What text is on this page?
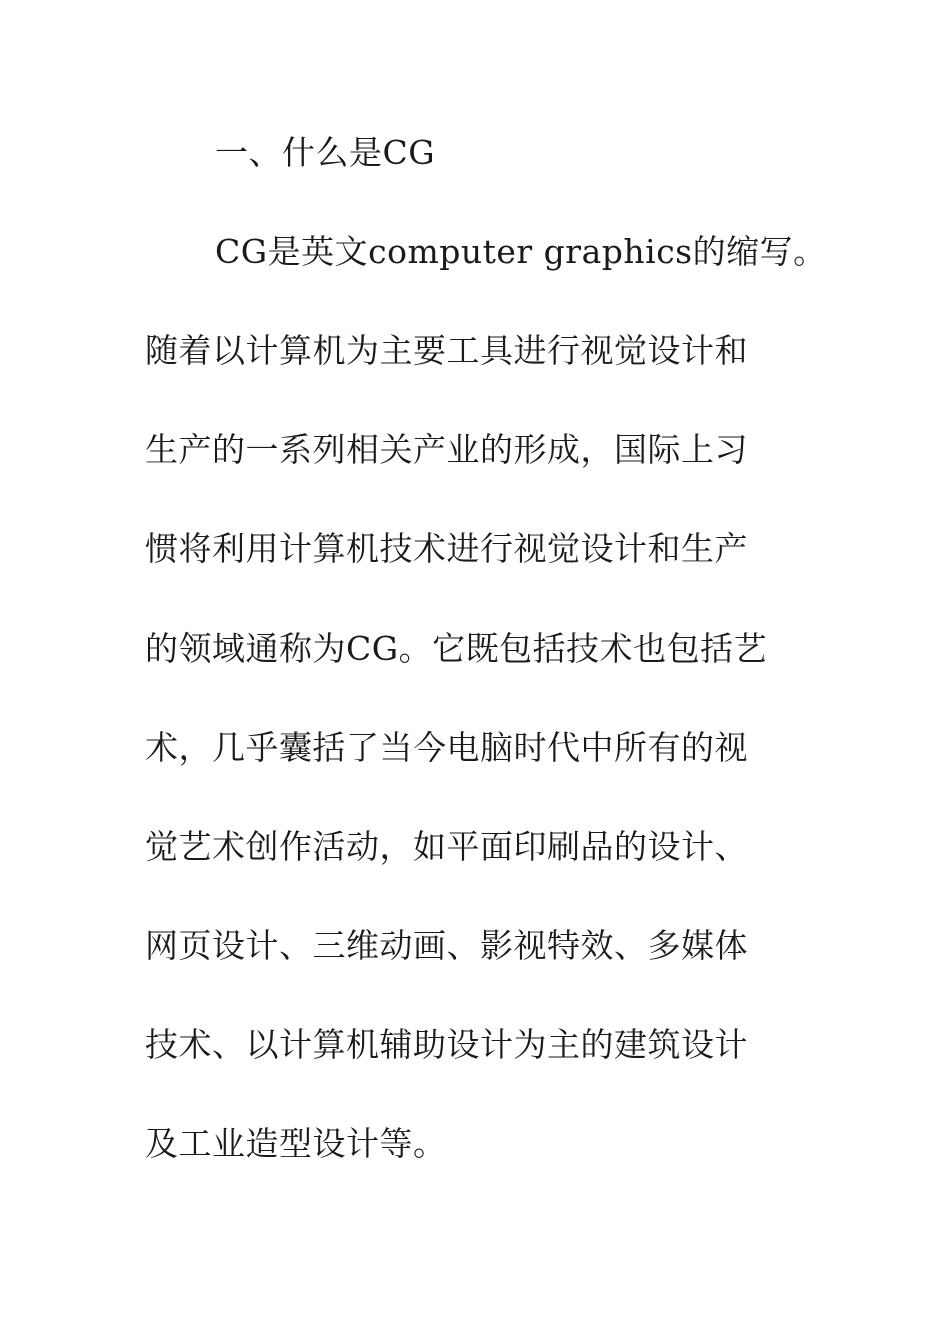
一、什么是CG
CG是英文computer graphics的缩写。
随着以计算机为主要工具进行视觉设计和
生产的一系列相关产业的形成，国际上习
惯将利用计算机技术进行视觉设计和生产
的领域通称为CG。它既包括技术也包括艺
术，几乎囊括了当今电脑时代中所有的视
觉艺术创作活动，如平面印刷品的设计、
网页设计、三维动画、影视特效、多媒体
技术、以计算机辅助设计为主的建筑设计
及工业造型设计等。
